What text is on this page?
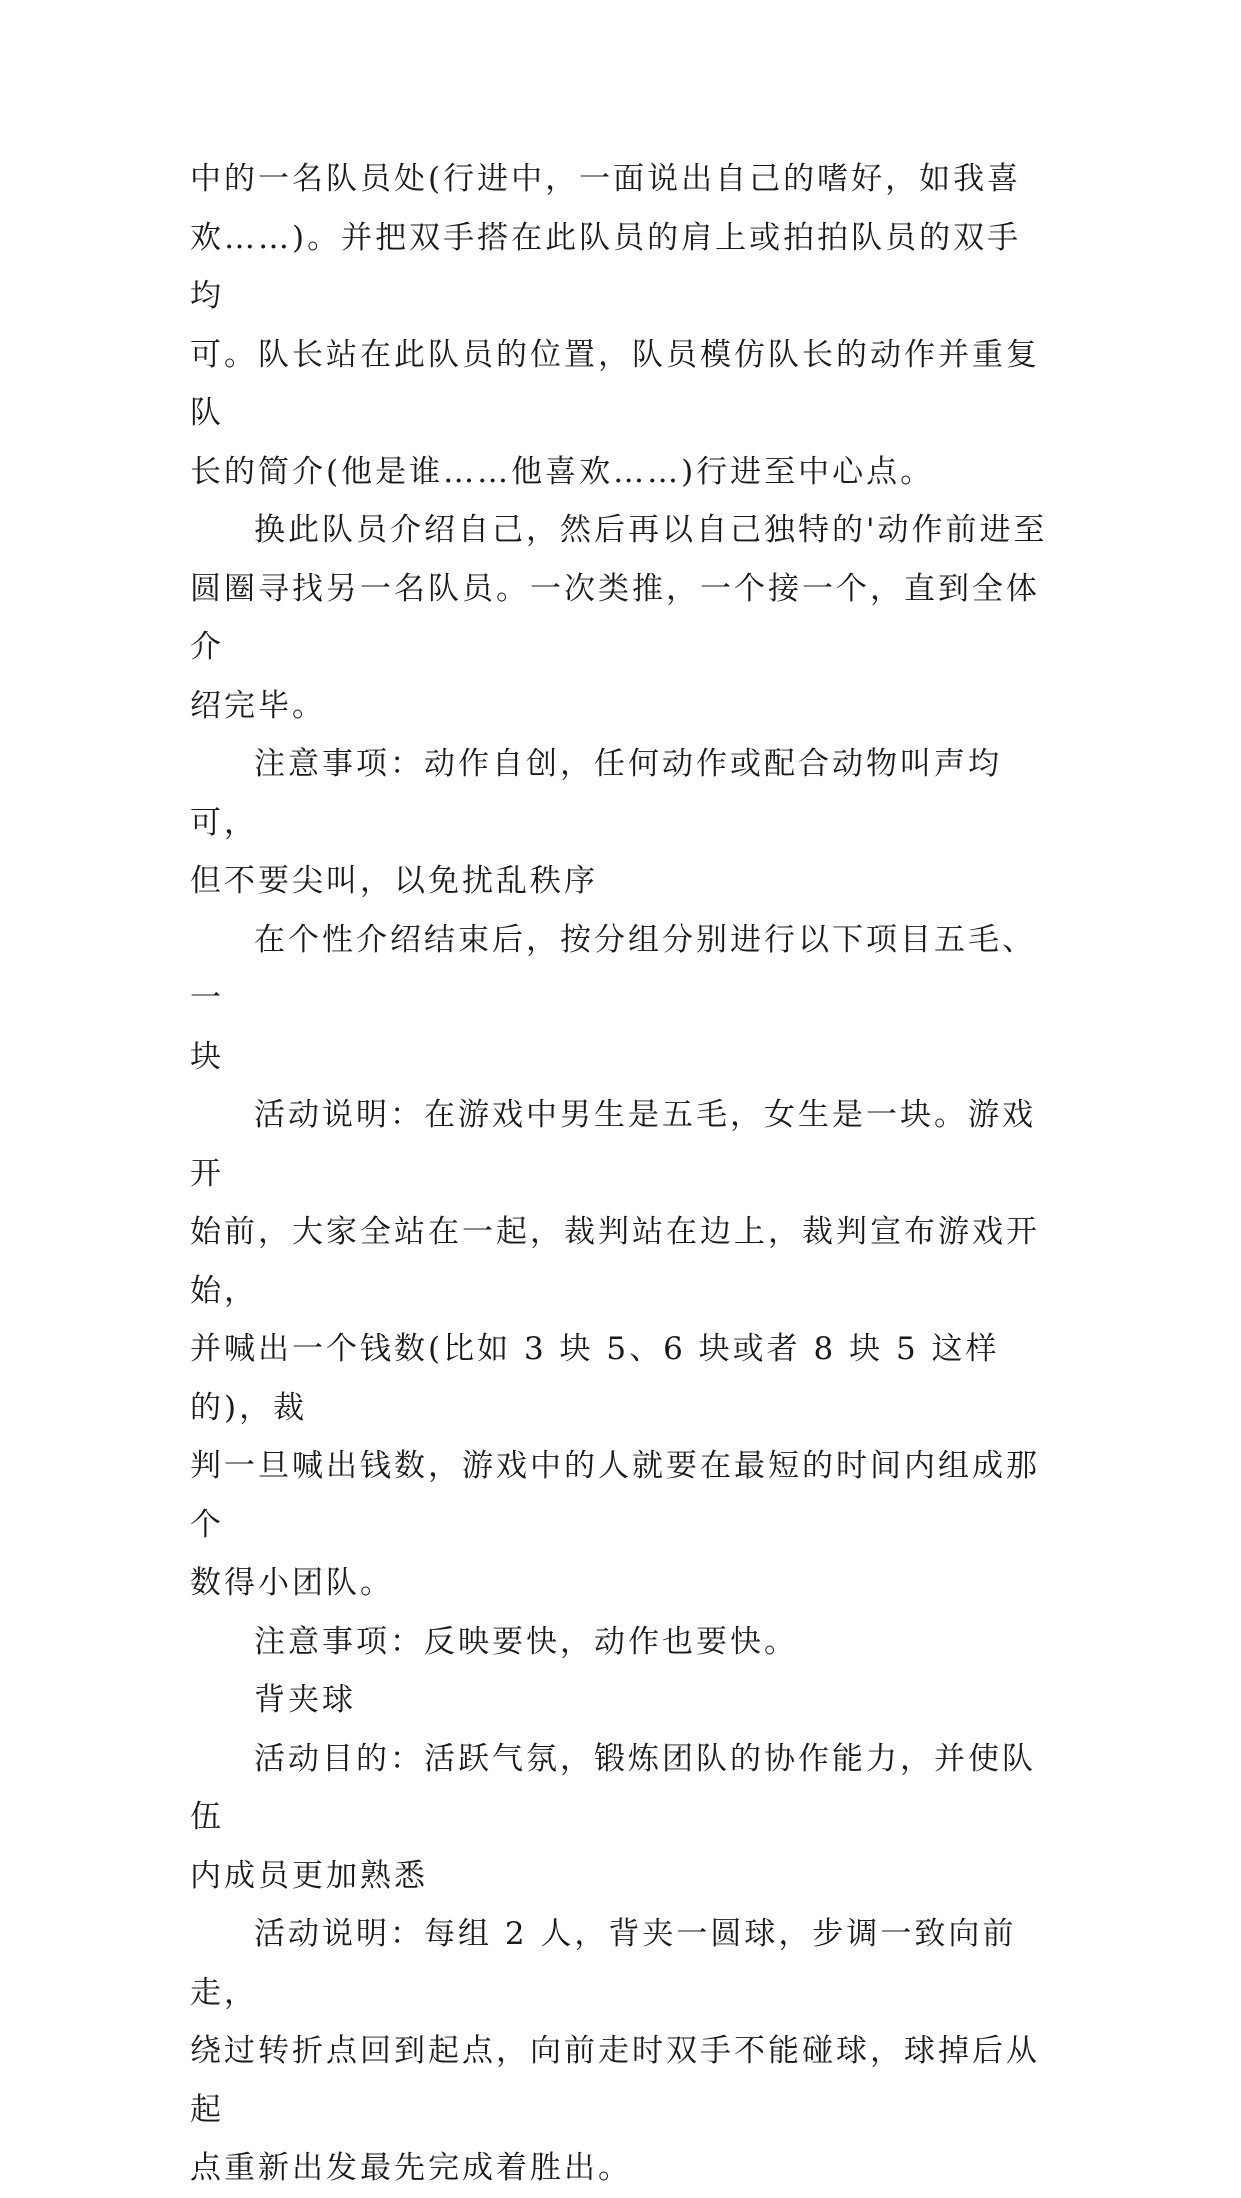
中的一名队员处(行进中，一面说出自己的嗜好，如我喜
欢……)。并把双手搭在此队员的肩上或拍拍队员的双手均
可。队长站在此队员的位置，队员模仿队长的动作并重复队
长的简介(他是谁……他喜欢……)行进至中心点。

换此队员介绍自己，然后再以自己独特的'动作前进至
圆圈寻找另一名队员。一次类推，一个接一个，直到全体介
绍完毕。

注意事项：动作自创，任何动作或配合动物叫声均可，
但不要尖叫，以免扰乱秩序

在个性介绍结束后，按分组分别进行以下项目五毛、一
块

活动说明：在游戏中男生是五毛，女生是一块。游戏开
始前，大家全站在一起，裁判站在边上，裁判宣布游戏开始，
并喊出一个钱数(比如 3 块 5、6 块或者 8 块 5 这样的)，裁
判一旦喊出钱数，游戏中的人就要在最短的时间内组成那个
数得小团队。

注意事项：反映要快，动作也要快。

背夹球

活动目的：活跃气氛，锻炼团队的协作能力，并使队伍
内成员更加熟悉

活动说明：每组 2 人，背夹一圆球，步调一致向前走，
绕过转折点回到起点，向前走时双手不能碰球，球掉后从起
点重新出发最先完成着胜出。
